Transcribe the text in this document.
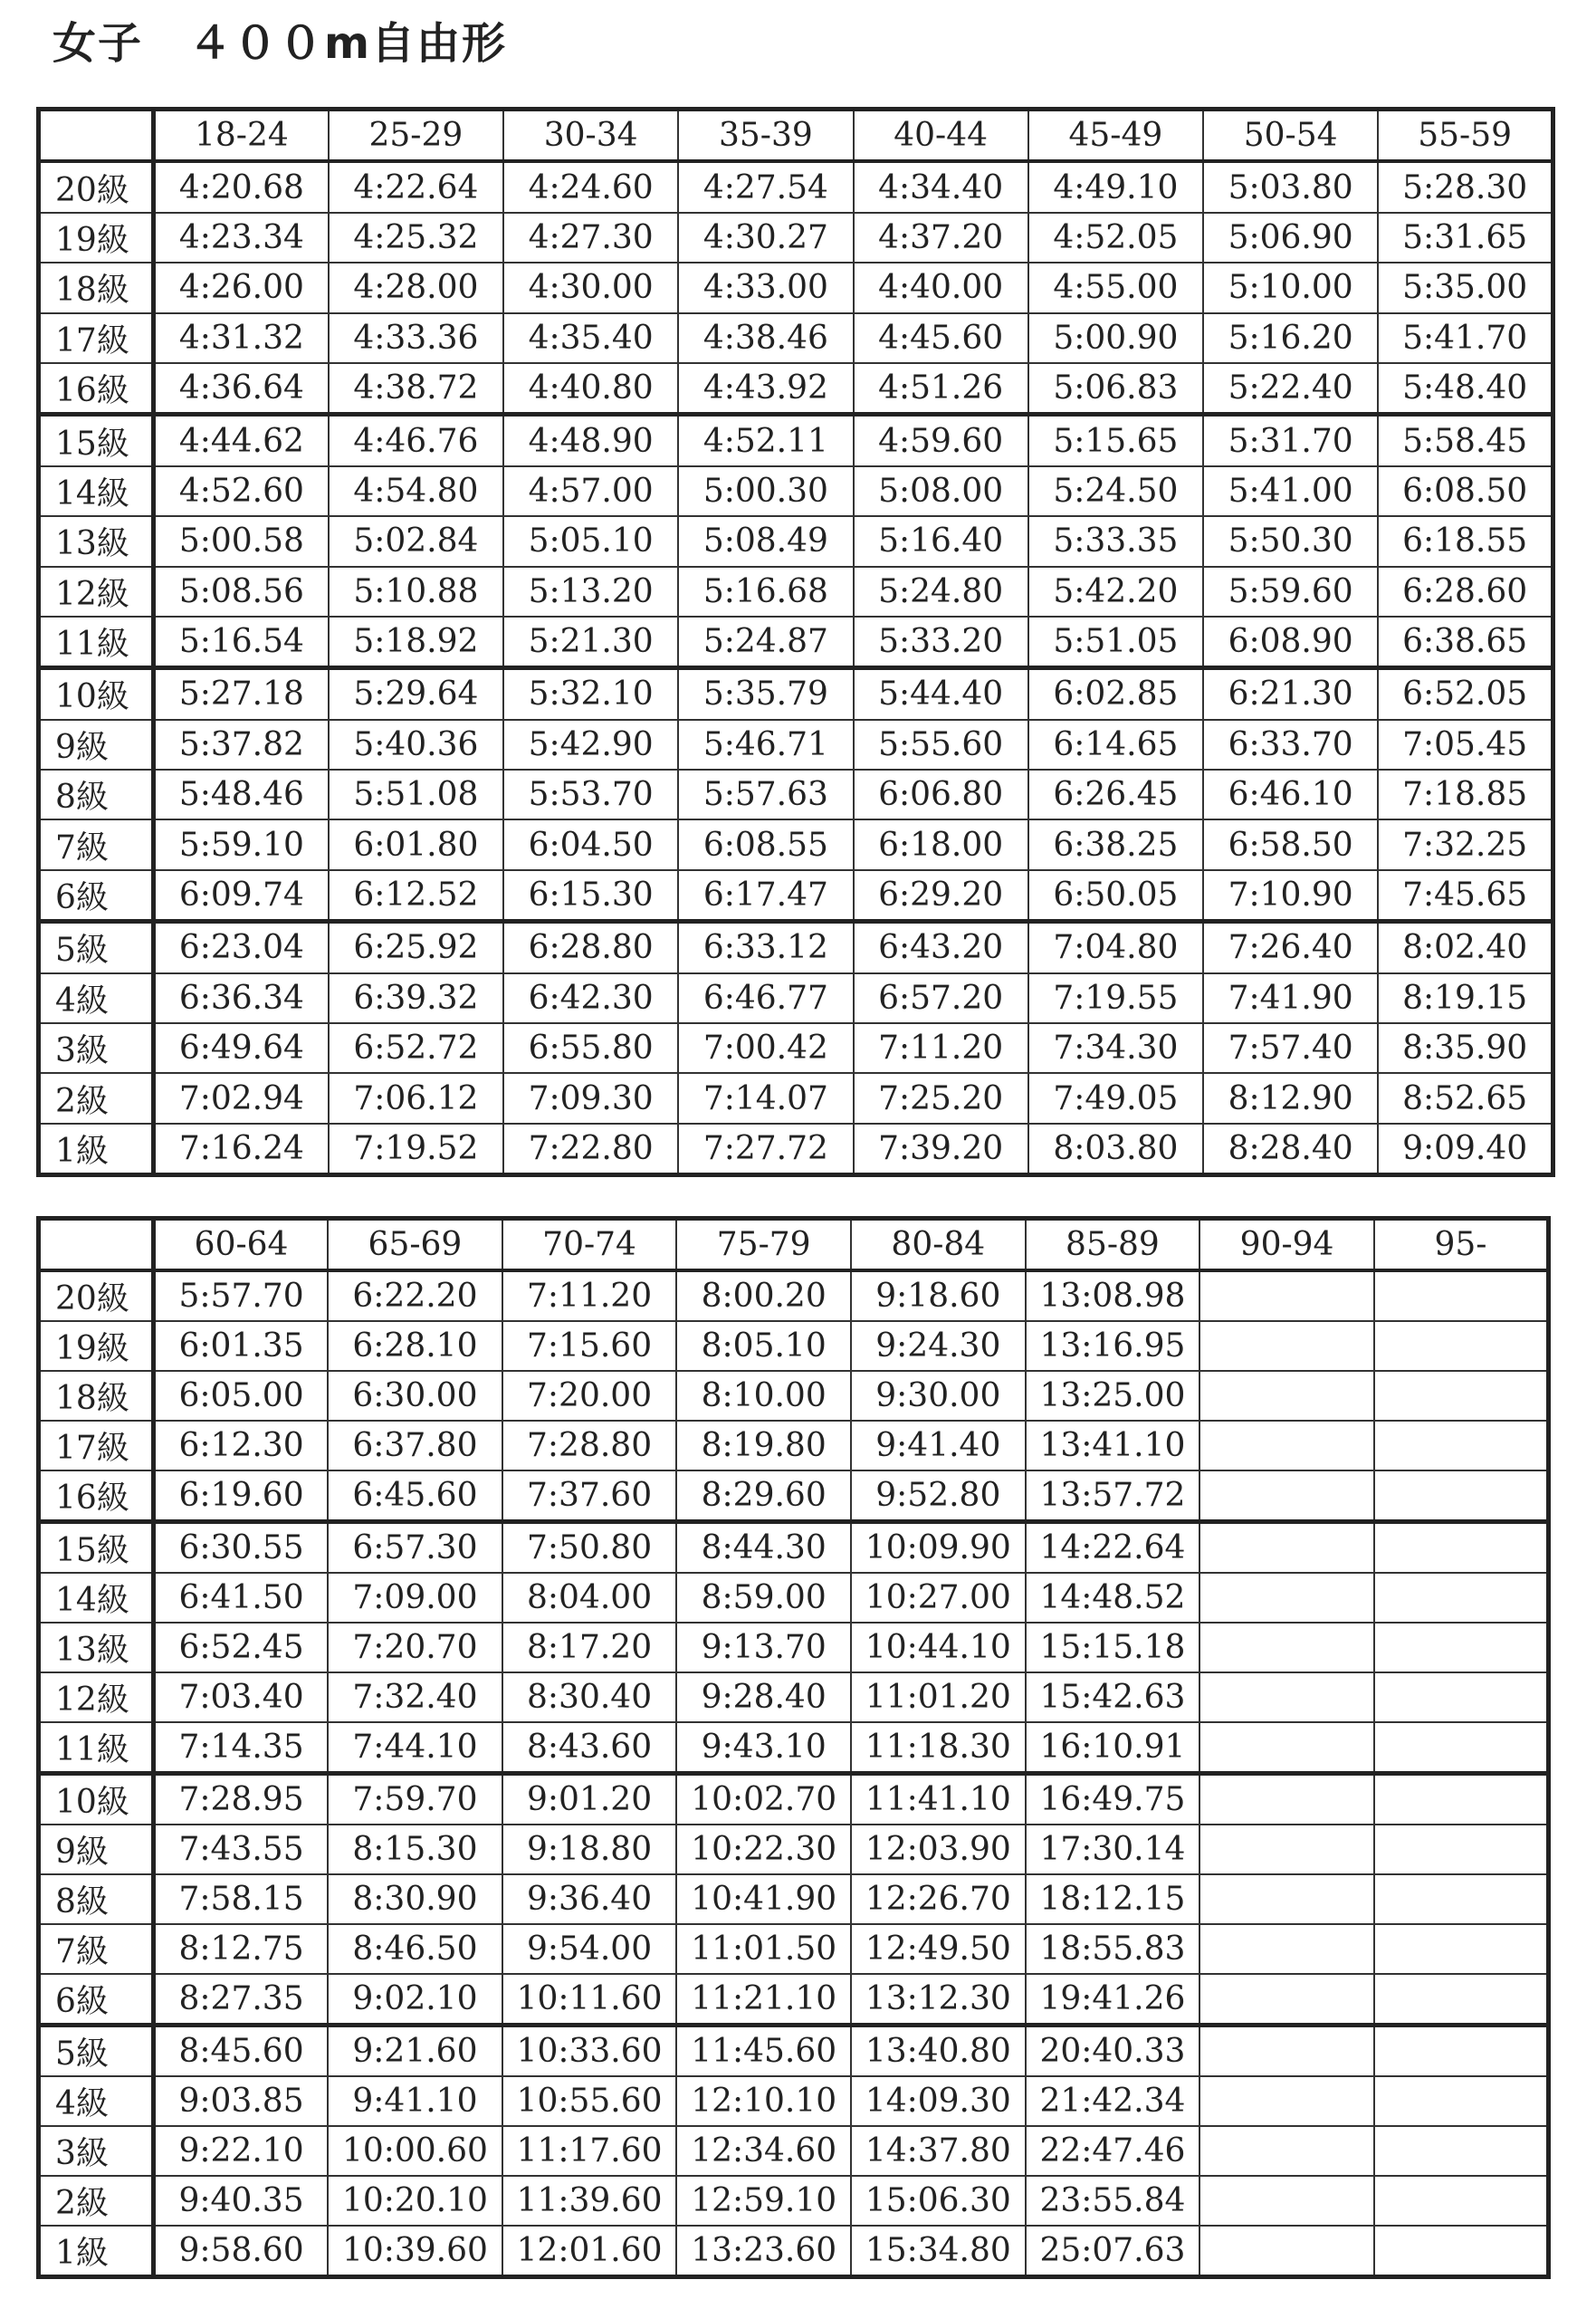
女子　４００m自由形
	18-24	25-29	30-34	35-39	40-44	45-49	50-54	55-59
20級	4:20.68	4:22.64	4:24.60	4:27.54	4:34.40	4:49.10	5:03.80	5:28.30
19級	4:23.34	4:25.32	4:27.30	4:30.27	4:37.20	4:52.05	5:06.90	5:31.65
18級	4:26.00	4:28.00	4:30.00	4:33.00	4:40.00	4:55.00	5:10.00	5:35.00
17級	4:31.32	4:33.36	4:35.40	4:38.46	4:45.60	5:00.90	5:16.20	5:41.70
16級	4:36.64	4:38.72	4:40.80	4:43.92	4:51.26	5:06.83	5:22.40	5:48.40
15級	4:44.62	4:46.76	4:48.90	4:52.11	4:59.60	5:15.65	5:31.70	5:58.45
14級	4:52.60	4:54.80	4:57.00	5:00.30	5:08.00	5:24.50	5:41.00	6:08.50
13級	5:00.58	5:02.84	5:05.10	5:08.49	5:16.40	5:33.35	5:50.30	6:18.55
12級	5:08.56	5:10.88	5:13.20	5:16.68	5:24.80	5:42.20	5:59.60	6:28.60
11級	5:16.54	5:18.92	5:21.30	5:24.87	5:33.20	5:51.05	6:08.90	6:38.65
10級	5:27.18	5:29.64	5:32.10	5:35.79	5:44.40	6:02.85	6:21.30	6:52.05
9級	5:37.82	5:40.36	5:42.90	5:46.71	5:55.60	6:14.65	6:33.70	7:05.45
8級	5:48.46	5:51.08	5:53.70	5:57.63	6:06.80	6:26.45	6:46.10	7:18.85
7級	5:59.10	6:01.80	6:04.50	6:08.55	6:18.00	6:38.25	6:58.50	7:32.25
6級	6:09.74	6:12.52	6:15.30	6:17.47	6:29.20	6:50.05	7:10.90	7:45.65
5級	6:23.04	6:25.92	6:28.80	6:33.12	6:43.20	7:04.80	7:26.40	8:02.40
4級	6:36.34	6:39.32	6:42.30	6:46.77	6:57.20	7:19.55	7:41.90	8:19.15
3級	6:49.64	6:52.72	6:55.80	7:00.42	7:11.20	7:34.30	7:57.40	8:35.90
2級	7:02.94	7:06.12	7:09.30	7:14.07	7:25.20	7:49.05	8:12.90	8:52.65
1級	7:16.24	7:19.52	7:22.80	7:27.72	7:39.20	8:03.80	8:28.40	9:09.40
	60-64	65-69	70-74	75-79	80-84	85-89	90-94	95-
20級	5:57.70	6:22.20	7:11.20	8:00.20	9:18.60	13:08.98		
19級	6:01.35	6:28.10	7:15.60	8:05.10	9:24.30	13:16.95		
18級	6:05.00	6:30.00	7:20.00	8:10.00	9:30.00	13:25.00		
17級	6:12.30	6:37.80	7:28.80	8:19.80	9:41.40	13:41.10		
16級	6:19.60	6:45.60	7:37.60	8:29.60	9:52.80	13:57.72		
15級	6:30.55	6:57.30	7:50.80	8:44.30	10:09.90	14:22.64		
14級	6:41.50	7:09.00	8:04.00	8:59.00	10:27.00	14:48.52		
13級	6:52.45	7:20.70	8:17.20	9:13.70	10:44.10	15:15.18		
12級	7:03.40	7:32.40	8:30.40	9:28.40	11:01.20	15:42.63		
11級	7:14.35	7:44.10	8:43.60	9:43.10	11:18.30	16:10.91		
10級	7:28.95	7:59.70	9:01.20	10:02.70	11:41.10	16:49.75		
9級	7:43.55	8:15.30	9:18.80	10:22.30	12:03.90	17:30.14		
8級	7:58.15	8:30.90	9:36.40	10:41.90	12:26.70	18:12.15		
7級	8:12.75	8:46.50	9:54.00	11:01.50	12:49.50	18:55.83		
6級	8:27.35	9:02.10	10:11.60	11:21.10	13:12.30	19:41.26		
5級	8:45.60	9:21.60	10:33.60	11:45.60	13:40.80	20:40.33		
4級	9:03.85	9:41.10	10:55.60	12:10.10	14:09.30	21:42.34		
3級	9:22.10	10:00.60	11:17.60	12:34.60	14:37.80	22:47.46		
2級	9:40.35	10:20.10	11:39.60	12:59.10	15:06.30	23:55.84		
1級	9:58.60	10:39.60	12:01.60	13:23.60	15:34.80	25:07.63		
